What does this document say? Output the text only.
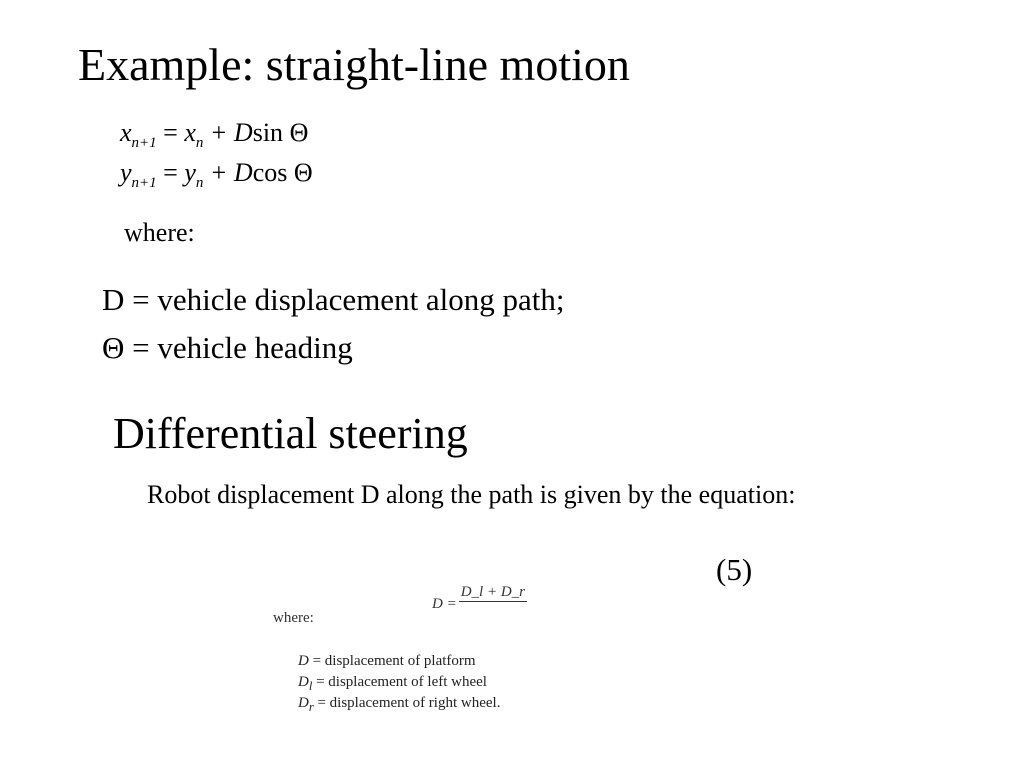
Example: straight-line motion
$x_{n+1} = x_n + Dsin$ Θ
$y_{n+1} = y_n + Dcos$ Θ
where:
D = vehicle displacement along path;
Θ = vehicle heading
Differential steering
Robot displacement D along the path is given by the equation:
(5)
D =D_l + D_r
where:
D = displacement of platform
$D_l$ = displacement of left wheel
$D_r$ = displacement of right wheel.
